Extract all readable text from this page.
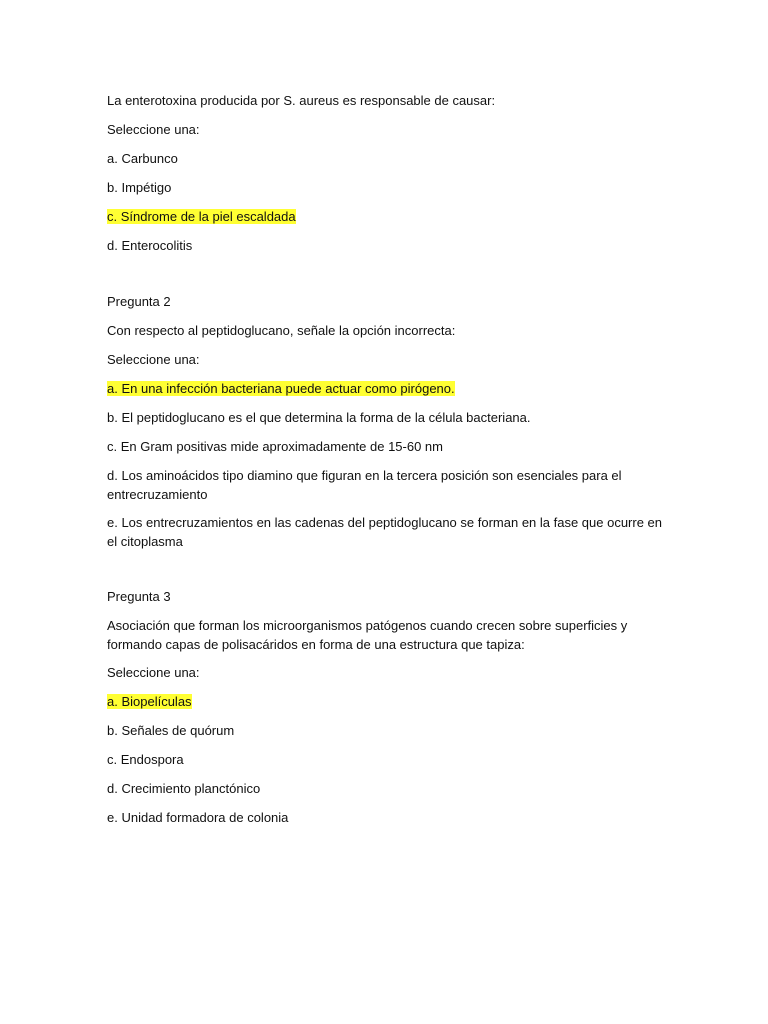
La enterotoxina producida por S. aureus es responsable de causar:

Seleccione una:

a. Carbunco

b. Impétigo

c. Síndrome de la piel escaldada

d. Enterocolitis

Pregunta 2

Con respecto al peptidoglucano, señale la opción incorrecta:

Seleccione una:

a. En una infección bacteriana puede actuar como pirógeno.

b. El peptidoglucano es el que determina la forma de la célula bacteriana.

c. En Gram positivas mide aproximadamente de 15-60 nm

d. Los aminoácidos tipo diamino que figuran en la tercera posición son esenciales para el entrecruzamiento

e. Los entrecruzamientos en las cadenas del peptidoglucano se forman en la fase que ocurre en el citoplasma

Pregunta 3

Asociación que forman los microorganismos patógenos cuando crecen sobre superficies y formando capas de polisacáridos en forma de una estructura que tapiza:

Seleccione una:

a. Biopelículas

b. Señales de quórum

c. Endospora

d. Crecimiento planctónico

e. Unidad formadora de colonia
